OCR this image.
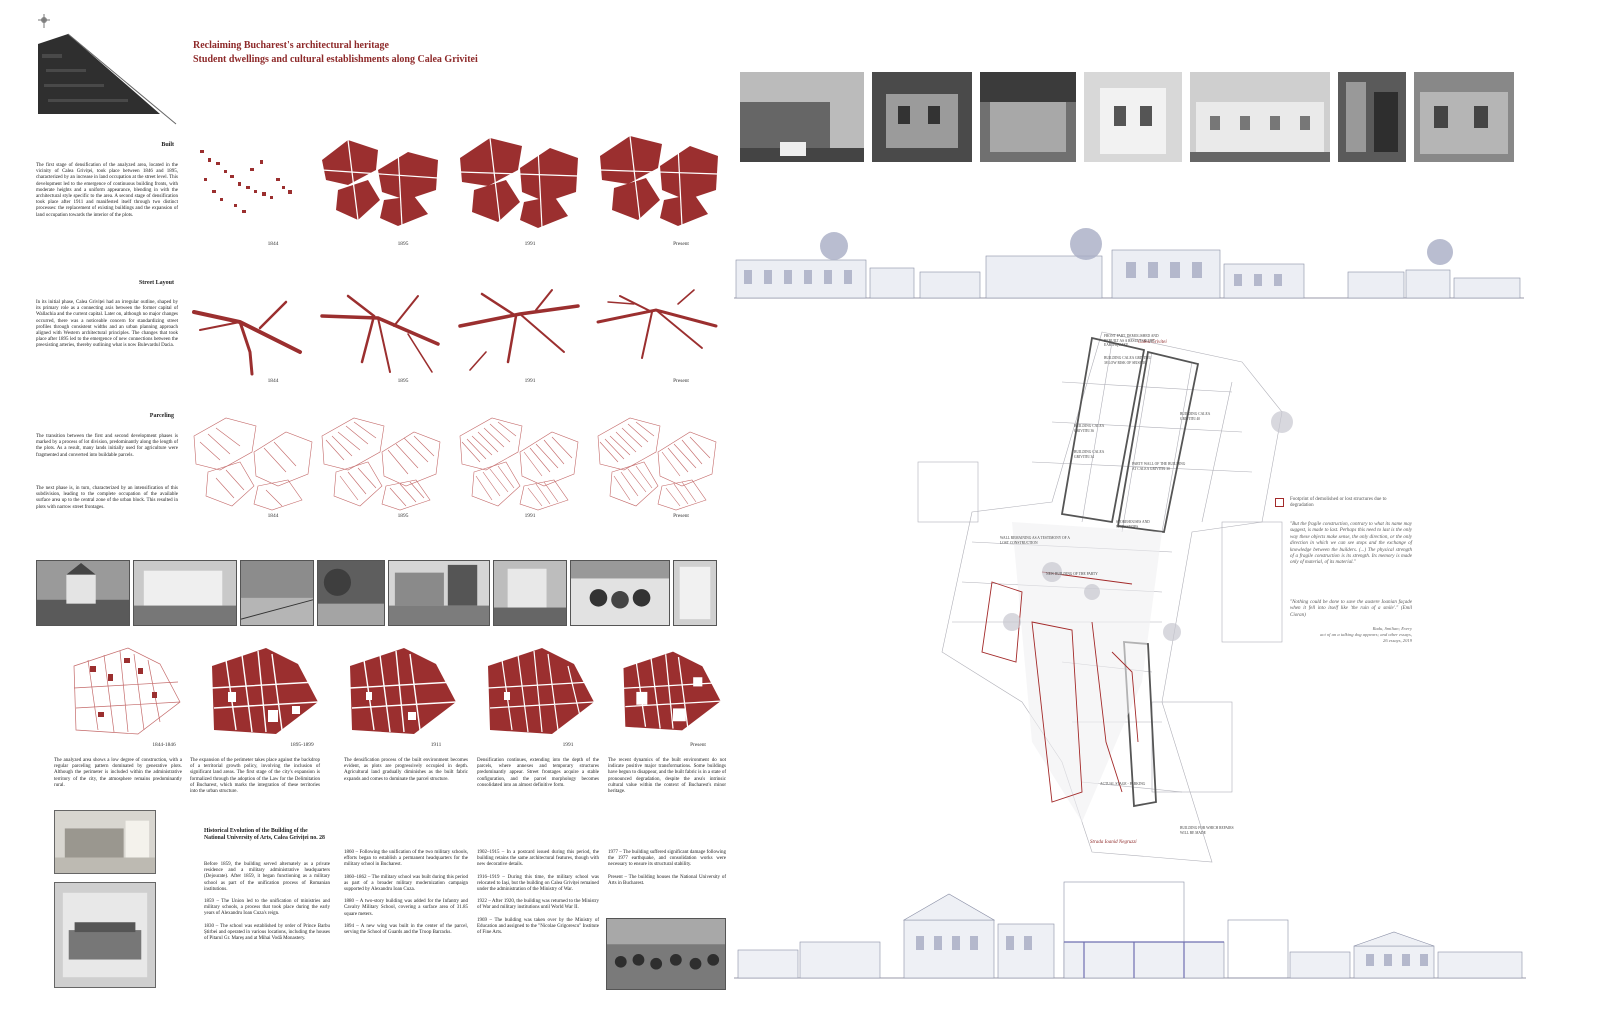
Reclaiming Bucharest's architectural heritage
Student dwellings and cultural establishments along Calea Grivitei
Built
The first stage of densification of the analyzed area, located in the vicinity of Calea Griviței, took place between 1846 and 1895, characterized by an increase in land occupation at the street level. This development led to the emergence of continuous building fronts, with moderate heights and a uniform appearance, blending in with the architectural style specific to the area. A second stage of densification took place after 1911 and manifested itself through two distinct processes: the replacement of existing buildings and the expansion of land occupation towards the interior of the plots.
1844	1895	1991	Present
Street Layout
In its initial phase, Calea Griviței had an irregular outline, shaped by its primary role as a connecting axis between the former capital of Wallachia and the current capital. Later on, although no major changes occurred, there was a noticeable concern for standardizing street profiles through consistent widths and an urban planning approach aligned with Western architectural principles. The changes that took place after 1895 led to the emergence of new connections between the preexisting arteries, thereby outlining what is now Bulevardul Dacia.
1844	1895	1991	Present
Parceling
The transition between the first and second development phases is marked by a process of lot division, predominantly along the length of the plots. As a result, many lands initially used for agriculture were fragmented and converted into buildable parcels.
The next phase is, in turn, characterized by an intensification of this subdivision, leading to the complete occupation of the available surface area up to the central zone of the urban block. This resulted in plots with narrow street frontages.
1844	1895	1991	Present
1844-1846	1895-1899	1911	1991	Present
The analyzed area shows a low degree of construction, with a regular parceling pattern dominated by generative plots. Although the perimeter is included within the administrative territory of the city, the atmosphere remains predominantly rural.
The expansion of the perimeter takes place against the backdrop of a territorial growth policy, involving the inclusion of significant land areas. The first stage of the city's expansion is formalized through the adoption of the Law for the Delimitation of Bucharest, which marks the integration of these territories into the urban structure.
The densification process of the built environment becomes evident, as plots are progressively occupied in depth. Agricultural land gradually diminishes as the built fabric expands and comes to dominate the parcel structure.
Densification continues, extending into the depth of the parcels, where annexes and temporary structures predominantly appear. Street frontages acquire a stable configuration, and the parcel morphology becomes consolidated into an almost definitive form.
The recent dynamics of the built environment do not indicate positive major transformations. Some buildings have begun to disappear, and the built fabric is in a state of pronounced degradation, despite the area's intrinsic cultural value within the context of Bucharest's minor heritage.
Historical Evolution of the Building of the National University of Arts, Calea Griviței no. 28

Before 1859, the building served alternately as a private residence and a military administrative headquarters (Dejourate). After 1859, it began functioning as a military school as part of the unification process of Romanian institutions.

1859 – The Union led to the unification of ministries and military schools, a process that took place during the early years of Alexandru Ioan Cuza's reign.

1830 – The school was established by order of Prince Barbu Știrbei and operated in various locations, including the houses of Pitarul Gr. Mareș and at Mihai Vodă Monastery.

1860 – Following the unification of the two military schools, efforts began to establish a permanent headquarters for the military school in Bucharest.

1860–1862 – The military school was built during this period as part of a broader military modernization campaign supported by Alexandru Ioan Cuza.

1880 – A two-story building was added for the Infantry and Cavalry Military School, covering a surface area of 31.85 square meters.

1894 – A new wing was built in the center of the parcel, serving the School of Guards and the Troop Barracks.

1902–1915 – In a postcard issued during this period, the building retains the same architectural features, though with new decorative details.

1916–1919 – During this time, the military school was relocated to Iași, but the building on Calea Griviței remained under the administration of the Ministry of War.

1922 – After 1920, the building was returned to the Ministry of War and military institutions until World War II.

1969 – The building was taken over by the Ministry of Education and assigned to the "Nicolae Grigorescu" Institute of Fine Arts.

1977 – The building suffered significant damage following the 1977 earthquake, and consolidation works were necessary to ensure its structural stability.

Present – The building houses the National University of Arts in Bucharest.

Calea Grivitei
Strada Ioanid Negruzzi
FRONT PART, DEMOLISHED AND REBUILT AS A RESULT OF THE EARTHQUAKE
BUILDING CALEA GRIVITEI 38 LOW RISK OF SEISMIC
BUILDING CALEA GRIVITEI 40
BUILDING CALEA GRIVITEI 36
BUILDING CALEA GRIVITEI 34
PARTY WALL OF THE BUILDING AT CALEA GRIVITEI 30
WALL REMAINING AS A TESTIMONY OF A LOST CONSTRUCTION
STOREHOUSES AND WORKSHOPS
NEW BUILDING OF THE PARTY
ACTUAL STAGE - PARKING
BUILDING FOR WHICH REPAIRS WILL BE MADE
Footprint of demolished or lost structures due to degradation
"But the fragile construction, contrary to what its name may suggest, is made to last. Perhaps this need to last is the only way these objects make sense, the only direction, or the only direction in which we can see stops and the exchange of knowledge between the builders. (...) The physical strength of a fragile construction is its strength. Its memory is made only of material, of its material."
"Nothing could be done to save the austere Ioanian façade when it fell into itself like 'the ruin of a smile'." (Emil Cioran)
Radu, Smilian; Every
act of an a talking dog appears; and other essays,
26 essays, 2019
